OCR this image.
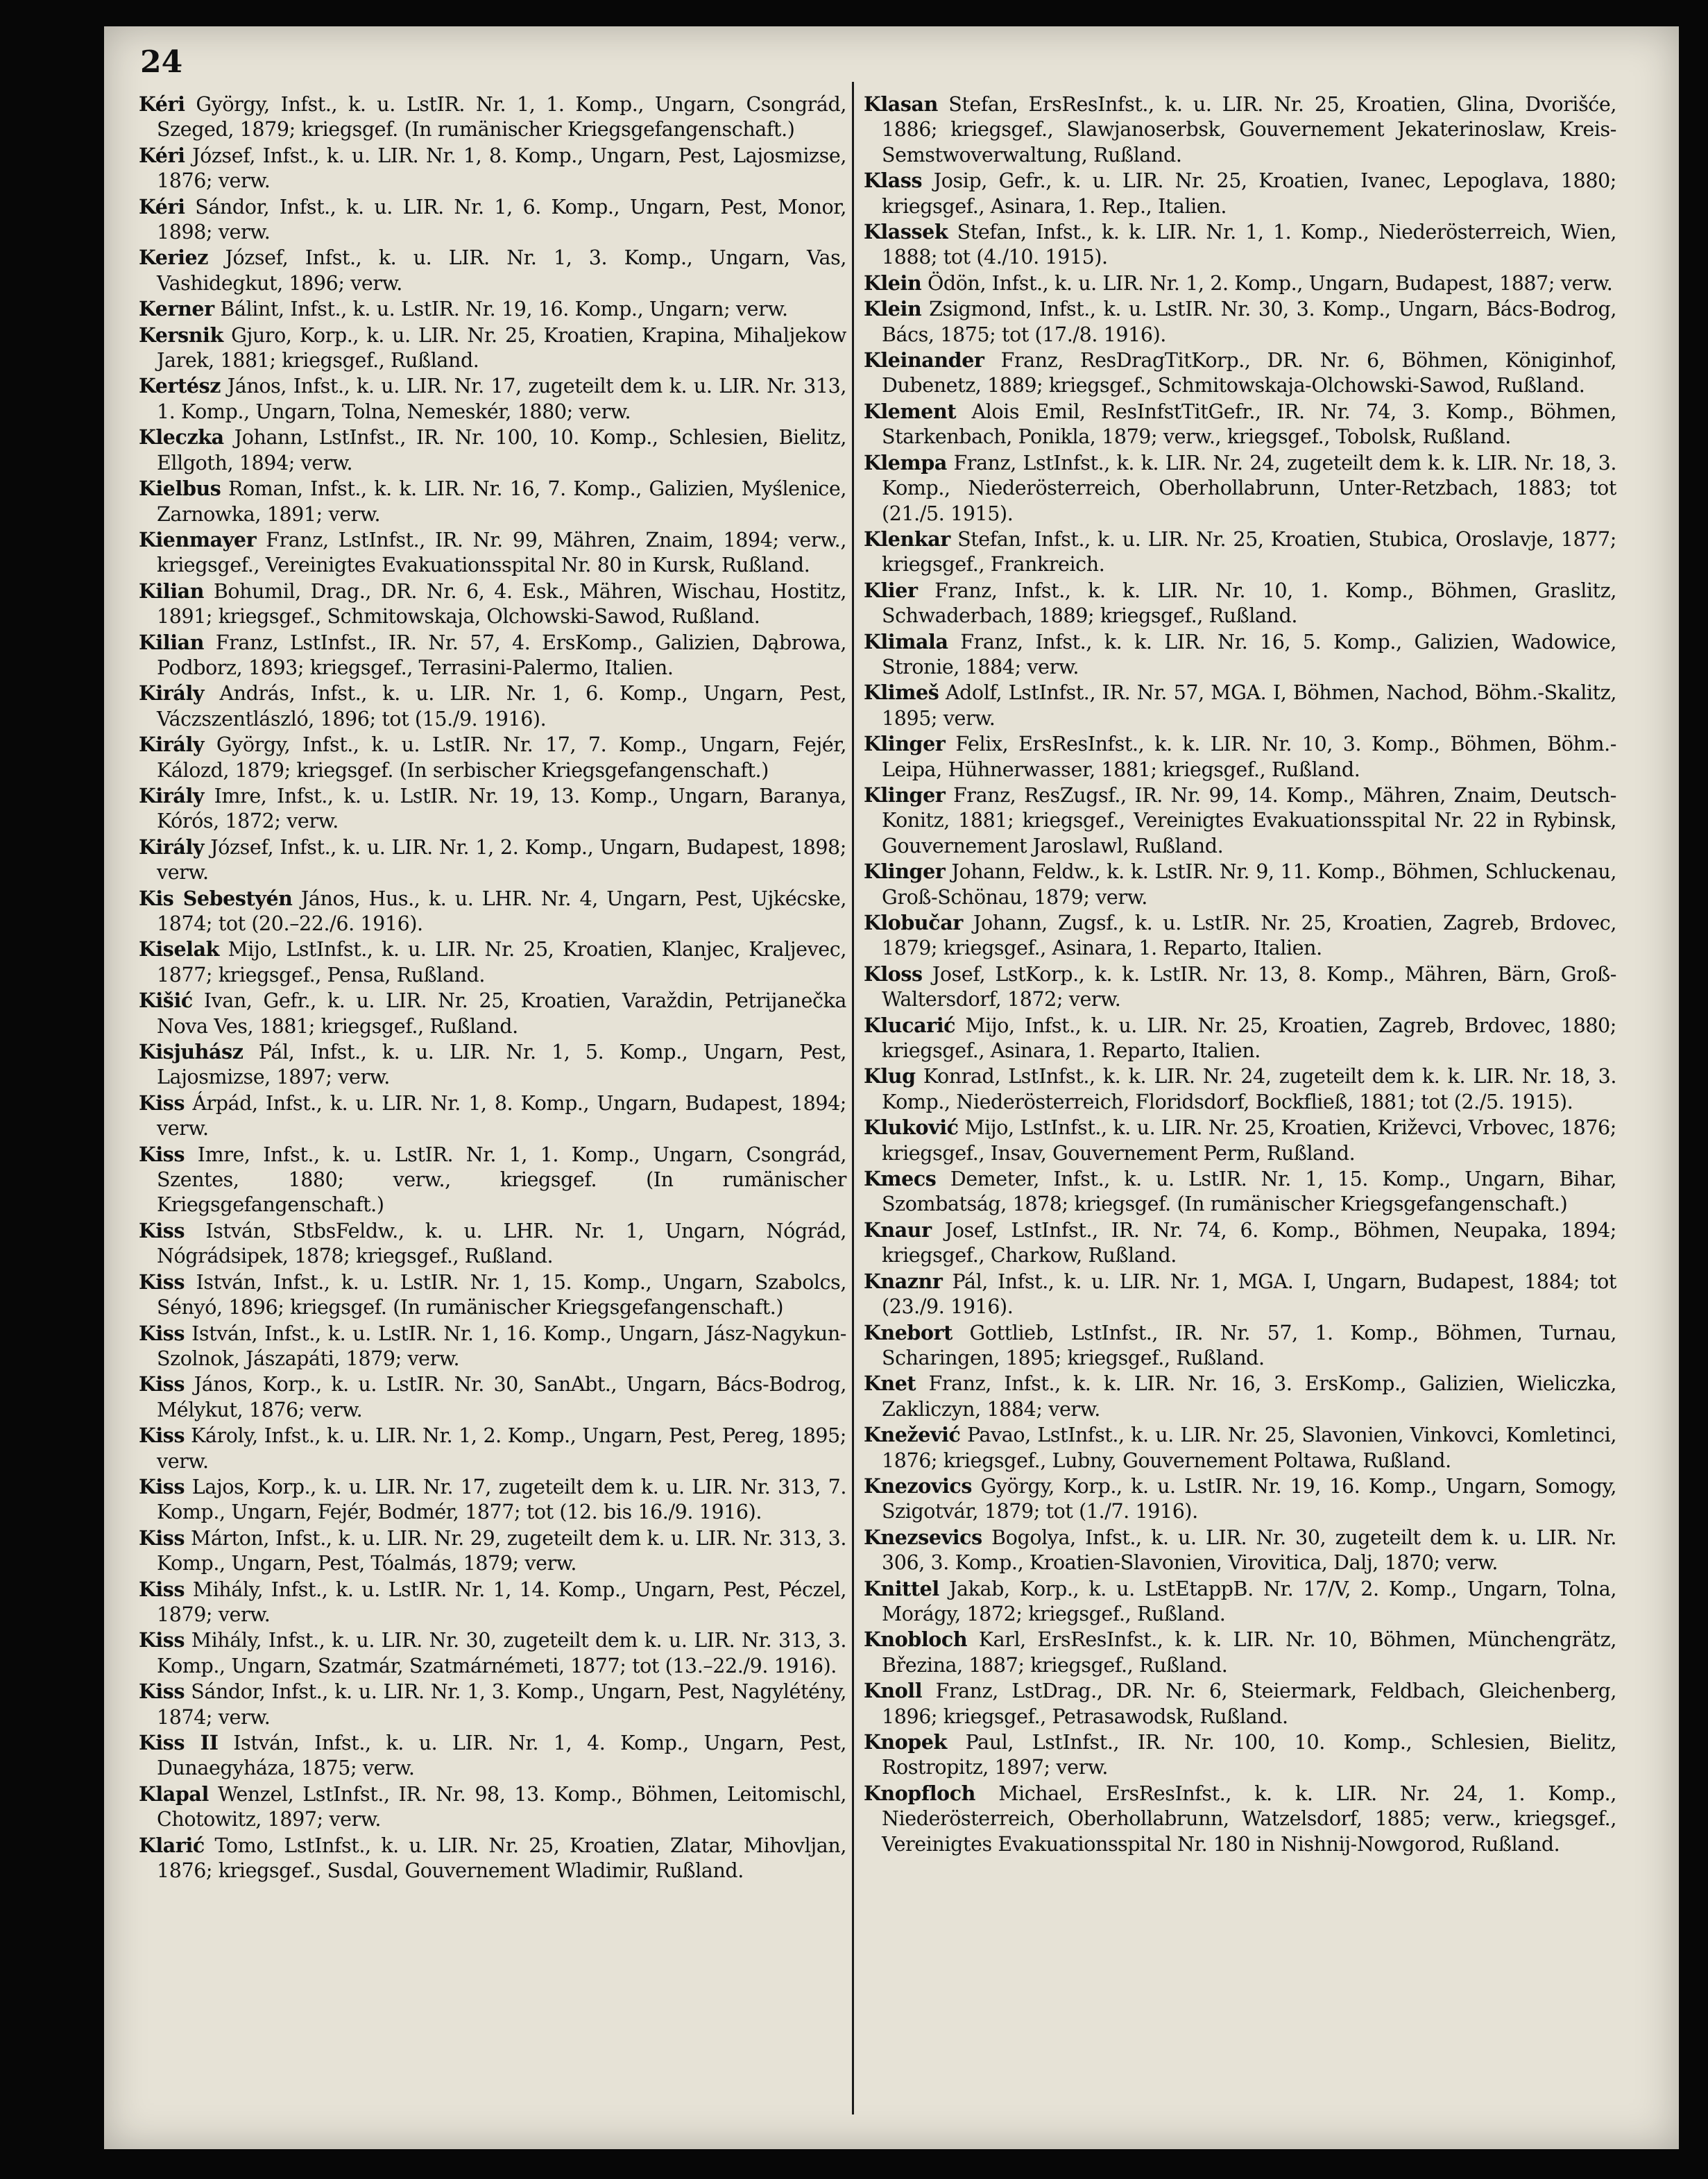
24

Kéri György, Infst., k. u. LstIR. Nr. 1, 1. Komp., Ungarn, Csongrád, Szeged, 1879; kriegsgef. (In rumänischer Kriegsgefangenschaft.)

Kéri József, Infst., k. u. LIR. Nr. 1, 8. Komp., Ungarn, Pest, Lajosmizse, 1876; verw.

Kéri Sándor, Infst., k. u. LIR. Nr. 1, 6. Komp., Ungarn, Pest, Monor, 1898; verw.

Keriez József, Infst., k. u. LIR. Nr. 1, 3. Komp., Ungarn, Vas, Vashidegkut, 1896; verw.

Kerner Bálint, Infst., k. u. LstIR. Nr. 19, 16. Komp., Ungarn; verw.

Kersnik Gjuro, Korp., k. u. LIR. Nr. 25, Kroatien, Krapina, Mihaljekow Jarek, 1881; kriegsgef., Rußland.

Kertész János, Infst., k. u. LIR. Nr. 17, zugeteilt dem k. u. LIR. Nr. 313, 1. Komp., Ungarn, Tolna, Nemeskér, 1880; verw.

Kleczka Johann, LstInfst., IR. Nr. 100, 10. Komp., Schlesien, Bielitz, Ellgoth, 1894; verw.

Kielbus Roman, Infst., k. k. LIR. Nr. 16, 7. Komp., Galizien, Myślenice, Zarnowka, 1891; verw.

Kienmayer Franz, LstInfst., IR. Nr. 99, Mähren, Znaim, 1894; verw., kriegsgef., Vereinigtes Evakuationsspital Nr. 80 in Kursk, Rußland.

Kilian Bohumil, Drag., DR. Nr. 6, 4. Esk., Mähren, Wischau, Hostitz, 1891; kriegsgef., Schmitowskaja, Olchowski-Sawod, Rußland.

Kilian Franz, LstInfst., IR. Nr. 57, 4. ErsKomp., Galizien, Dąbrowa, Podborz, 1893; kriegsgef., Terrasini-Palermo, Italien.

Király András, Infst., k. u. LIR. Nr. 1, 6. Komp., Ungarn, Pest, Váczszentlászló, 1896; tot (15./9. 1916).

Király György, Infst., k. u. LstIR. Nr. 17, 7. Komp., Ungarn, Fejér, Kálozd, 1879; kriegsgef. (In serbischer Kriegsgefangenschaft.)

Király Imre, Infst., k. u. LstIR. Nr. 19, 13. Komp., Ungarn, Baranya, Kórós, 1872; verw.

Király József, Infst., k. u. LIR. Nr. 1, 2. Komp., Ungarn, Budapest, 1898; verw.

Kis Sebestyén János, Hus., k. u. LHR. Nr. 4, Ungarn, Pest, Ujkécske, 1874; tot (20.–22./6. 1916).

Kiselak Mijo, LstInfst., k. u. LIR. Nr. 25, Kroatien, Klanjec, Kraljevec, 1877; kriegsgef., Pensa, Rußland.

Kišić Ivan, Gefr., k. u. LIR. Nr. 25, Kroatien, Varaždin, Petrijanečka Nova Ves, 1881; kriegsgef., Rußland.

Kisjuhász Pál, Infst., k. u. LIR. Nr. 1, 5. Komp., Ungarn, Pest, Lajosmizse, 1897; verw.

Kiss Árpád, Infst., k. u. LIR. Nr. 1, 8. Komp., Ungarn, Budapest, 1894; verw.

Kiss Imre, Infst., k. u. LstIR. Nr. 1, 1. Komp., Ungarn, Csongrád, Szentes, 1880; verw., kriegsgef. (In rumänischer Kriegsgefangenschaft.)

Kiss István, StbsFeldw., k. u. LHR. Nr. 1, Ungarn, Nógrád, Nógrádsipek, 1878; kriegsgef., Rußland.

Kiss István, Infst., k. u. LstIR. Nr. 1, 15. Komp., Ungarn, Szabolcs, Sényó, 1896; kriegsgef. (In rumänischer Kriegsgefangenschaft.)

Kiss István, Infst., k. u. LstIR. Nr. 1, 16. Komp., Ungarn, Jász-Nagykun-Szolnok, Jászapáti, 1879; verw.

Kiss János, Korp., k. u. LstIR. Nr. 30, SanAbt., Ungarn, Bács-Bodrog, Mélykut, 1876; verw.

Kiss Károly, Infst., k. u. LIR. Nr. 1, 2. Komp., Ungarn, Pest, Pereg, 1895; verw.

Kiss Lajos, Korp., k. u. LIR. Nr. 17, zugeteilt dem k. u. LIR. Nr. 313, 7. Komp., Ungarn, Fejér, Bodmér, 1877; tot (12. bis 16./9. 1916).

Kiss Márton, Infst., k. u. LIR. Nr. 29, zugeteilt dem k. u. LIR. Nr. 313, 3. Komp., Ungarn, Pest, Tóalmás, 1879; verw.

Kiss Mihály, Infst., k. u. LstIR. Nr. 1, 14. Komp., Ungarn, Pest, Péczel, 1879; verw.

Kiss Mihály, Infst., k. u. LIR. Nr. 30, zugeteilt dem k. u. LIR. Nr. 313, 3. Komp., Ungarn, Szatmár, Szatmárnémeti, 1877; tot (13.–22./9. 1916).

Kiss Sándor, Infst., k. u. LIR. Nr. 1, 3. Komp., Ungarn, Pest, Nagylétény, 1874; verw.

Kiss II István, Infst., k. u. LIR. Nr. 1, 4. Komp., Ungarn, Pest, Dunaegyháza, 1875; verw.

Klapal Wenzel, LstInfst., IR. Nr. 98, 13. Komp., Böhmen, Leitomischl, Chotowitz, 1897; verw.

Klarić Tomo, LstInfst., k. u. LIR. Nr. 25, Kroatien, Zlatar, Mihovljan, 1876; kriegsgef., Susdal, Gouvernement Wladimir, Rußland.

Klasan Stefan, ErsResInfst., k. u. LIR. Nr. 25, Kroatien, Glina, Dvorišće, 1886; kriegsgef., Slawjanoserbsk, Gouvernement Jekaterinoslaw, Kreis-Semstwoverwaltung, Rußland.

Klass Josip, Gefr., k. u. LIR. Nr. 25, Kroatien, Ivanec, Lepoglava, 1880; kriegsgef., Asinara, 1. Rep., Italien.

Klassek Stefan, Infst., k. k. LIR. Nr. 1, 1. Komp., Niederösterreich, Wien, 1888; tot (4./10. 1915).

Klein Ödön, Infst., k. u. LIR. Nr. 1, 2. Komp., Ungarn, Budapest, 1887; verw.

Klein Zsigmond, Infst., k. u. LstIR. Nr. 30, 3. Komp., Ungarn, Bács-Bodrog, Bács, 1875; tot (17./8. 1916).

Kleinander Franz, ResDragTitKorp., DR. Nr. 6, Böhmen, Königinhof, Dubenetz, 1889; kriegsgef., Schmitowskaja-Olchowski-Sawod, Rußland.

Klement Alois Emil, ResInfstTitGefr., IR. Nr. 74, 3. Komp., Böhmen, Starkenbach, Ponikla, 1879; verw., kriegsgef., Tobolsk, Rußland.

Klempa Franz, LstInfst., k. k. LIR. Nr. 24, zugeteilt dem k. k. LIR. Nr. 18, 3. Komp., Niederösterreich, Oberhollabrunn, Unter-Retzbach, 1883; tot (21./5. 1915).

Klenkar Stefan, Infst., k. u. LIR. Nr. 25, Kroatien, Stubica, Oroslavje, 1877; kriegsgef., Frankreich.

Klier Franz, Infst., k. k. LIR. Nr. 10, 1. Komp., Böhmen, Graslitz, Schwaderbach, 1889; kriegsgef., Rußland.

Klimala Franz, Infst., k. k. LIR. Nr. 16, 5. Komp., Galizien, Wadowice, Stronie, 1884; verw.

Klimeš Adolf, LstInfst., IR. Nr. 57, MGA. I, Böhmen, Nachod, Böhm.-Skalitz, 1895; verw.

Klinger Felix, ErsResInfst., k. k. LIR. Nr. 10, 3. Komp., Böhmen, Böhm.-Leipa, Hühnerwasser, 1881; kriegsgef., Rußland.

Klinger Franz, ResZugsf., IR. Nr. 99, 14. Komp., Mähren, Znaim, Deutsch-Konitz, 1881; kriegsgef., Vereinigtes Evakuationsspital Nr. 22 in Rybinsk, Gouvernement Jaroslawl, Rußland.

Klinger Johann, Feldw., k. k. LstIR. Nr. 9, 11. Komp., Böhmen, Schluckenau, Groß-Schönau, 1879; verw.

Klobučar Johann, Zugsf., k. u. LstIR. Nr. 25, Kroatien, Zagreb, Brdovec, 1879; kriegsgef., Asinara, 1. Reparto, Italien.

Kloss Josef, LstKorp., k. k. LstIR. Nr. 13, 8. Komp., Mähren, Bärn, Groß-Waltersdorf, 1872; verw.

Klucarić Mijo, Infst., k. u. LIR. Nr. 25, Kroatien, Zagreb, Brdovec, 1880; kriegsgef., Asinara, 1. Reparto, Italien.

Klug Konrad, LstInfst., k. k. LIR. Nr. 24, zugeteilt dem k. k. LIR. Nr. 18, 3. Komp., Niederösterreich, Floridsdorf, Bockfließ, 1881; tot (2./5. 1915).

Kluković Mijo, LstInfst., k. u. LIR. Nr. 25, Kroatien, Križevci, Vrbovec, 1876; kriegsgef., Insav, Gouvernement Perm, Rußland.

Kmecs Demeter, Infst., k. u. LstIR. Nr. 1, 15. Komp., Ungarn, Bihar, Szombatság, 1878; kriegsgef. (In rumänischer Kriegsgefangenschaft.)

Knaur Josef, LstInfst., IR. Nr. 74, 6. Komp., Böhmen, Neupaka, 1894; kriegsgef., Charkow, Rußland.

Knaznr Pál, Infst., k. u. LIR. Nr. 1, MGA. I, Ungarn, Budapest, 1884; tot (23./9. 1916).

Knebort Gottlieb, LstInfst., IR. Nr. 57, 1. Komp., Böhmen, Turnau, Scharingen, 1895; kriegsgef., Rußland.

Knet Franz, Infst., k. k. LIR. Nr. 16, 3. ErsKomp., Galizien, Wieliczka, Zakliczyn, 1884; verw.

Knežević Pavao, LstInfst., k. u. LIR. Nr. 25, Slavonien, Vinkovci, Komletinci, 1876; kriegsgef., Lubny, Gouvernement Poltawa, Rußland.

Knezovics György, Korp., k. u. LstIR. Nr. 19, 16. Komp., Ungarn, Somogy, Szigotvár, 1879; tot (1./7. 1916).

Knezsevics Bogolya, Infst., k. u. LIR. Nr. 30, zugeteilt dem k. u. LIR. Nr. 306, 3. Komp., Kroatien-Slavonien, Virovitica, Dalj, 1870; verw.

Knittel Jakab, Korp., k. u. LstEtappB. Nr. 17/V, 2. Komp., Ungarn, Tolna, Morágy, 1872; kriegsgef., Rußland.

Knobloch Karl, ErsResInfst., k. k. LIR. Nr. 10, Böhmen, Münchengrätz, Březina, 1887; kriegsgef., Rußland.

Knoll Franz, LstDrag., DR. Nr. 6, Steiermark, Feldbach, Gleichenberg, 1896; kriegsgef., Petrasawodsk, Rußland.

Knopek Paul, LstInfst., IR. Nr. 100, 10. Komp., Schlesien, Bielitz, Rostropitz, 1897; verw.

Knopfloch Michael, ErsResInfst., k. k. LIR. Nr. 24, 1. Komp., Niederösterreich, Oberhollabrunn, Watzelsdorf, 1885; verw., kriegsgef., Vereinigtes Evakuationsspital Nr. 180 in Nishnij-Nowgorod, Rußland.
